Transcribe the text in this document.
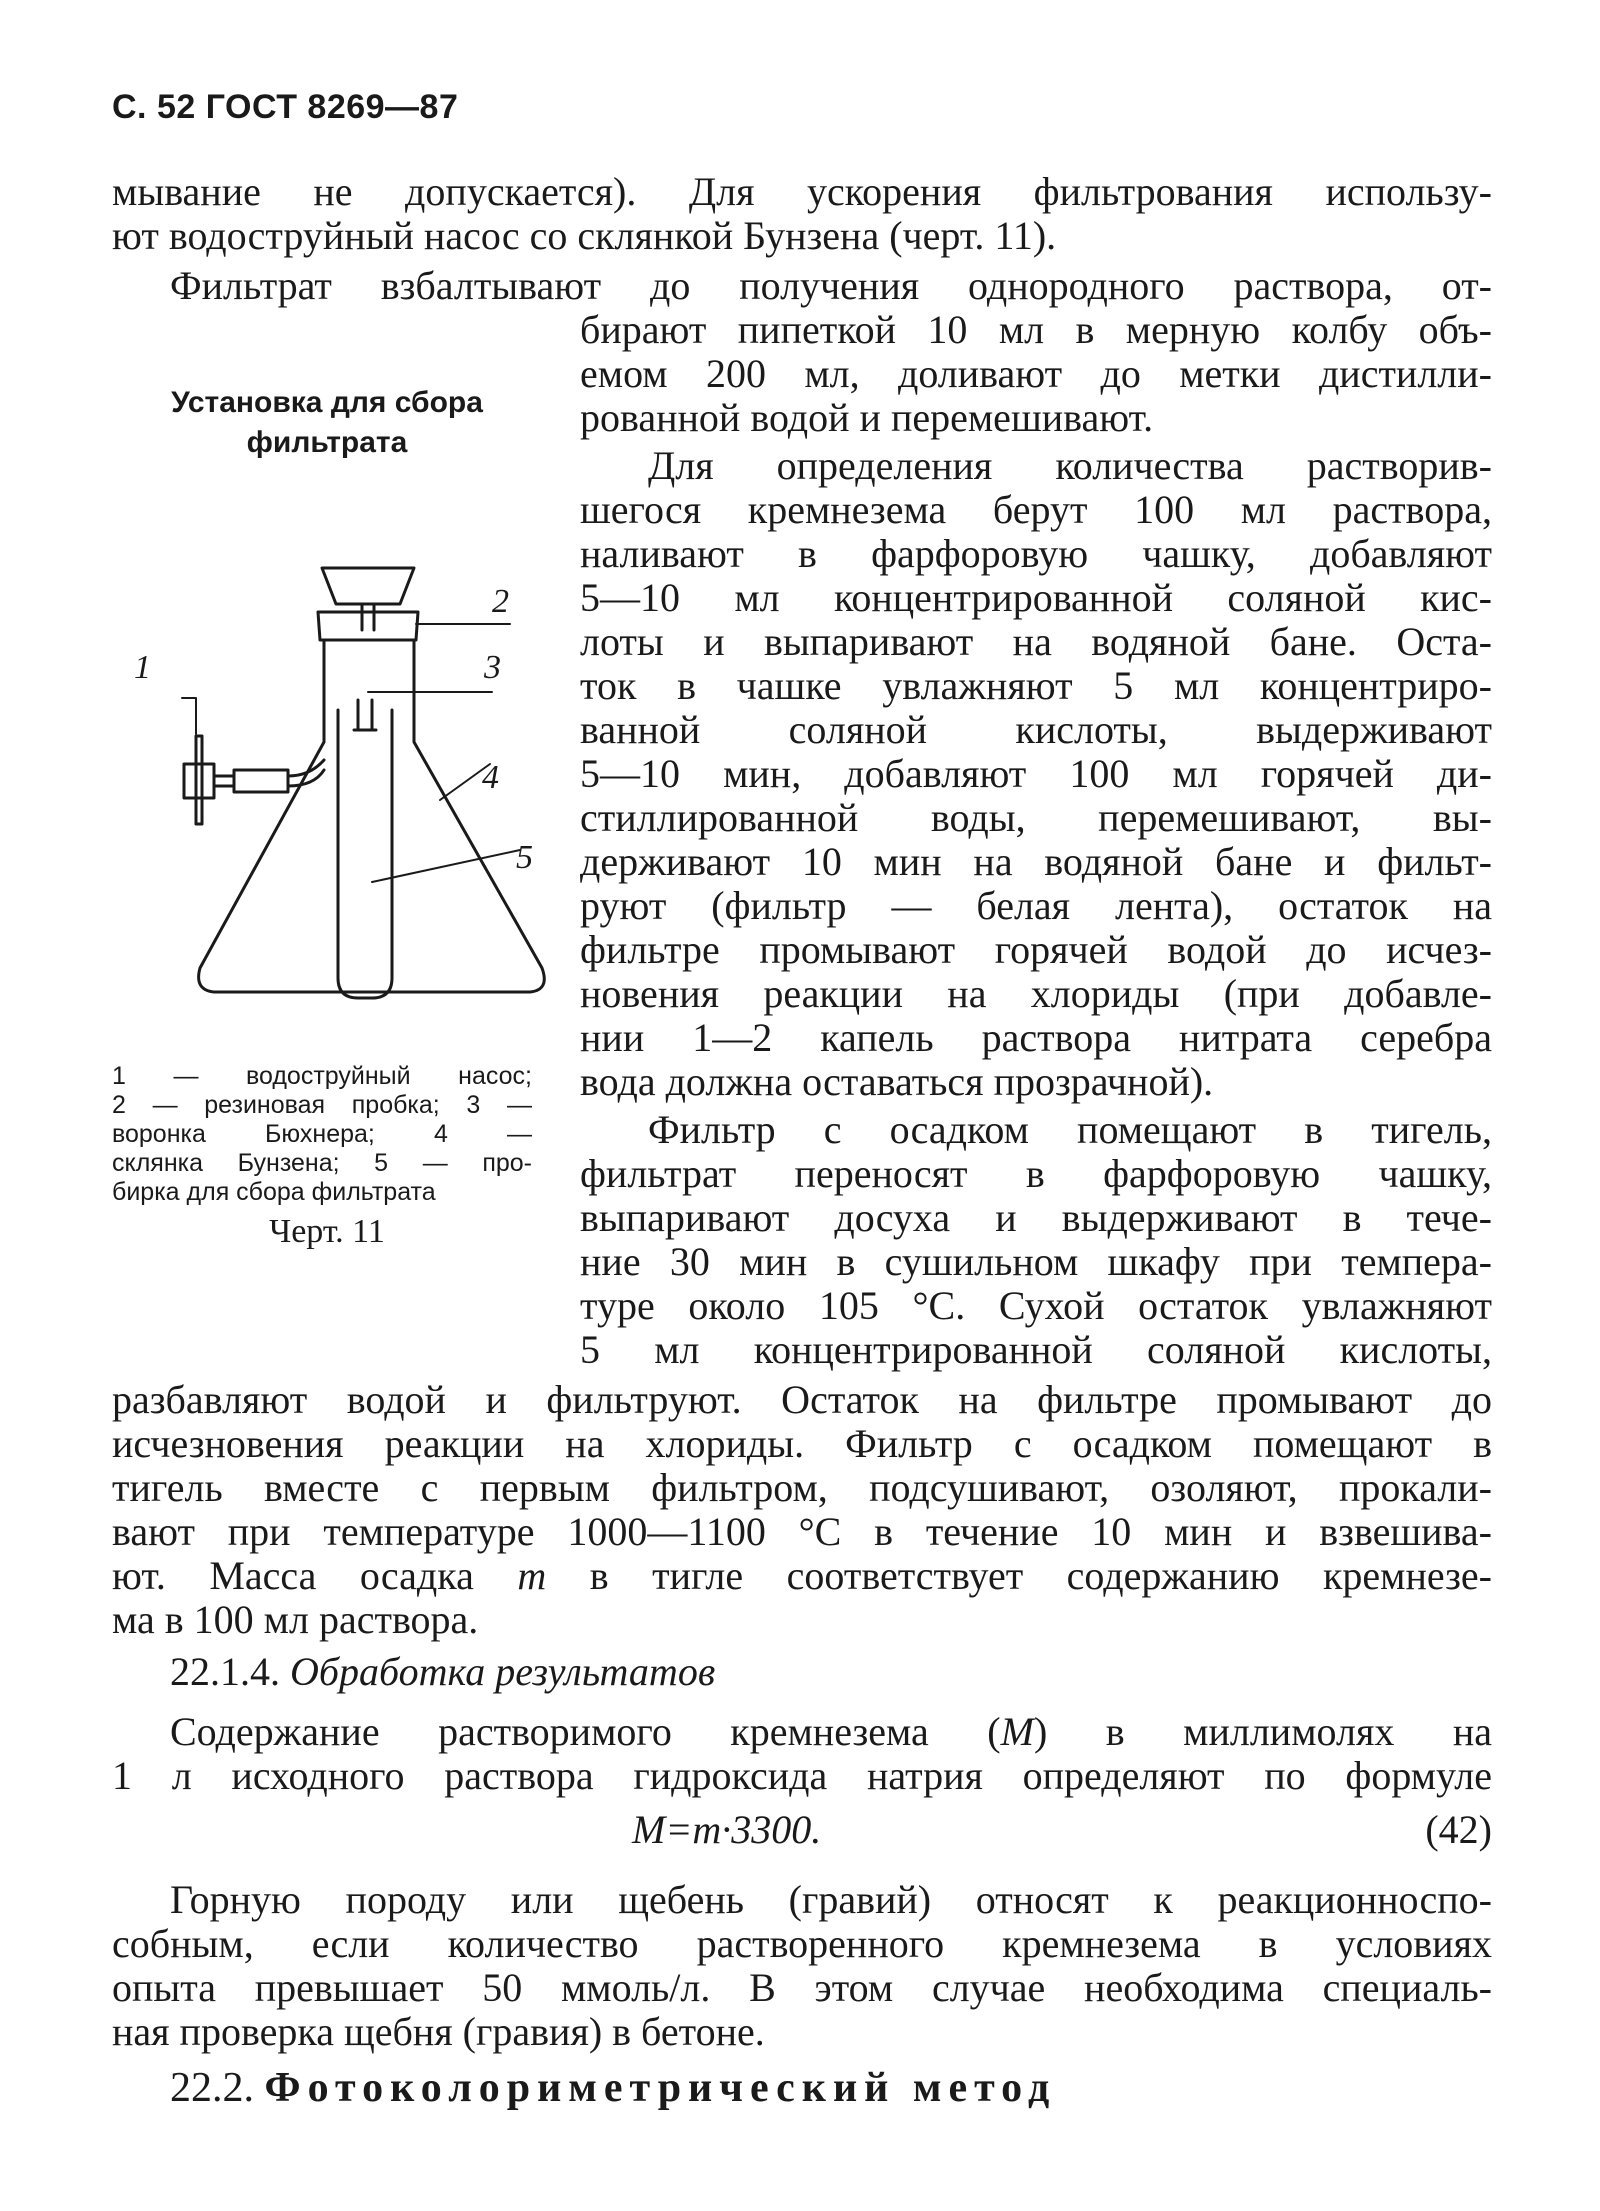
С. 52 ГОСТ 8269—87
мывание не допускается). Для ускорения фильтрования использу-
ют водоструйный насос со склянкой Бунзена (черт. 11).
Фильтрат взбалтывают до получения однородного раствора, от-
бирают пипеткой 10 мл в мерную колбу объ-
емом 200 мл, доливают до метки дистилли-
рованной водой и перемешивают.
Для определения количества растворив-
шегося кремнезема берут 100 мл раствора,
наливают в фарфоровую чашку, добавляют
5—10 мл концентрированной соляной кис-
лоты и выпаривают на водяной бане. Оста-
ток в чашке увлажняют 5 мл концентриро-
ванной соляной кислоты, выдерживают
5—10 мин, добавляют 100 мл горячей ди-
стиллированной воды, перемешивают, вы-
держивают 10 мин на водяной бане и фильт-
руют (фильтр — белая лента), остаток на
фильтре промывают горячей водой до исчез-
новения реакции на хлориды (при добавле-
нии 1—2 капель раствора нитрата серебра
вода должна оставаться прозрачной).
Фильтр с осадком помещают в тигель,
фильтрат переносят в фарфоровую чашку,
выпаривают досуха и выдерживают в тече-
ние 30 мин в сушильном шкафу при темпера-
туре около 105 °С. Сухой остаток увлажняют
5 мл концентрированной соляной кислоты,
Установка для сбора
фильтрата
1
2
3
4
5
1 — водоструйный насос;
2 — резиновая пробка; 3 —
воронка Бюхнера; 4 —
склянка Бунзена; 5 — про-
бирка для сбора фильтрата
Черт. 11
разбавляют водой и фильтруют. Остаток на фильтре промывают до
исчезновения реакции на хлориды. Фильтр с осадком помещают в
тигель вместе с первым фильтром, подсушивают, озоляют, прокали-
вают при температуре 1000—1100 °С в течение 10 мин и взвешива-
ют. Масса осадка m в тигле соответствует содержанию кремнезе-
ма в 100 мл раствора.
22.1.4. Обработка результатов
Содержание растворимого кремнезема (M) в миллимолях на
1 л исходного раствора гидроксида натрия определяют по формуле
M=m·3300.	(42)
Горную породу или щебень (гравий) относят к реакционноспо-
собным, если количество растворенного кремнезема в условиях
опыта превышает 50 ммоль/л. В этом случае необходима специаль-
ная проверка щебня (гравия) в бетоне.
22.2. Фотоколориметрический метод
